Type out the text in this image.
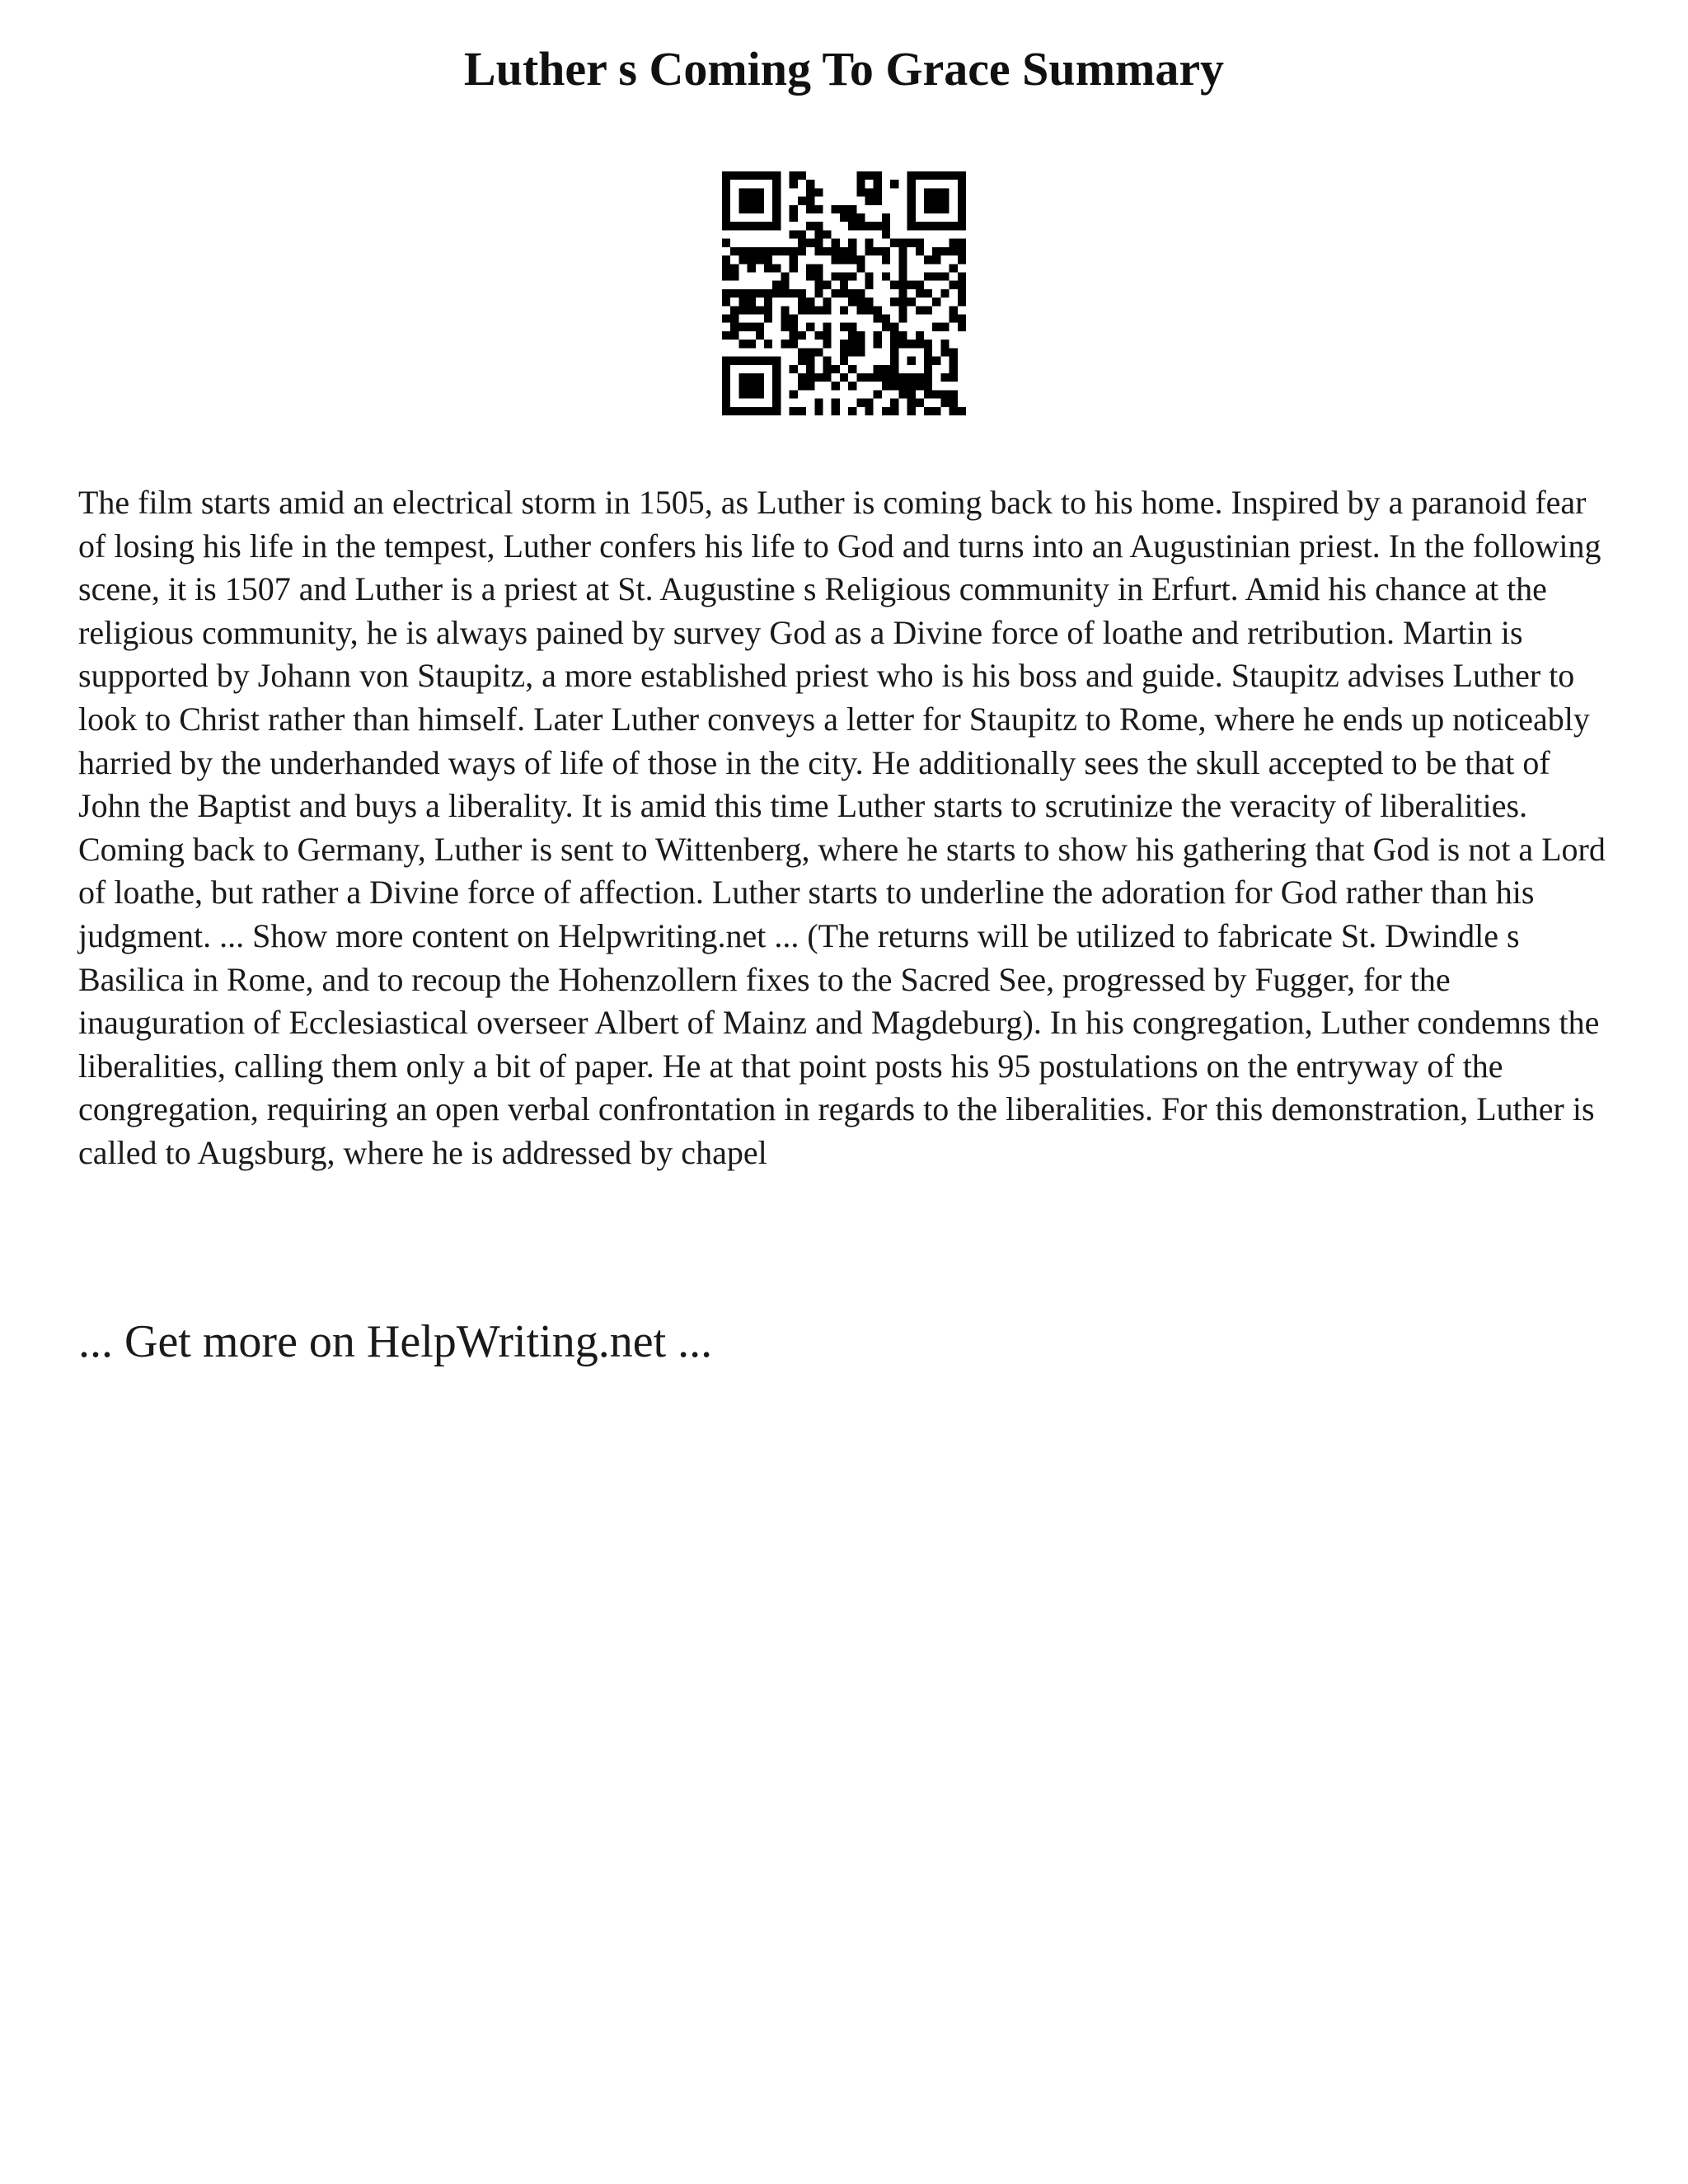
Luther s Coming To Grace Summary

The film starts amid an electrical storm in 1505, as Luther is coming back to his home. Inspired by a paranoid fear of losing his life in the tempest, Luther confers his life to God and turns into an Augustinian priest. In the following scene, it is 1507 and Luther is a priest at St. Augustine s Religious community in Erfurt. Amid his chance at the religious community, he is always pained by survey God as a Divine force of loathe and retribution. Martin is supported by Johann von Staupitz, a more established priest who is his boss and guide. Staupitz advises Luther to look to Christ rather than himself. Later Luther conveys a letter for Staupitz to Rome, where he ends up noticeably harried by the underhanded ways of life of those in the city. He additionally sees the skull accepted to be that of John the Baptist and buys a liberality. It is amid this time Luther starts to scrutinize the veracity of liberalities. Coming back to Germany, Luther is sent to Wittenberg, where he starts to show his gathering that God is not a Lord of loathe, but rather a Divine force of affection. Luther starts to underline the adoration for God rather than his judgment. ... Show more content on Helpwriting.net ... (The returns will be utilized to fabricate St. Dwindle s Basilica in Rome, and to recoup the Hohenzollern fixes to the Sacred See, progressed by Fugger, for the inauguration of Ecclesiastical overseer Albert of Mainz and Magdeburg). In his congregation, Luther condemns the liberalities, calling them only a bit of paper. He at that point posts his 95 postulations on the entryway of the congregation, requiring an open verbal confrontation in regards to the liberalities. For this demonstration, Luther is called to Augsburg, where he is addressed by chapel

... Get more on HelpWriting.net ...
